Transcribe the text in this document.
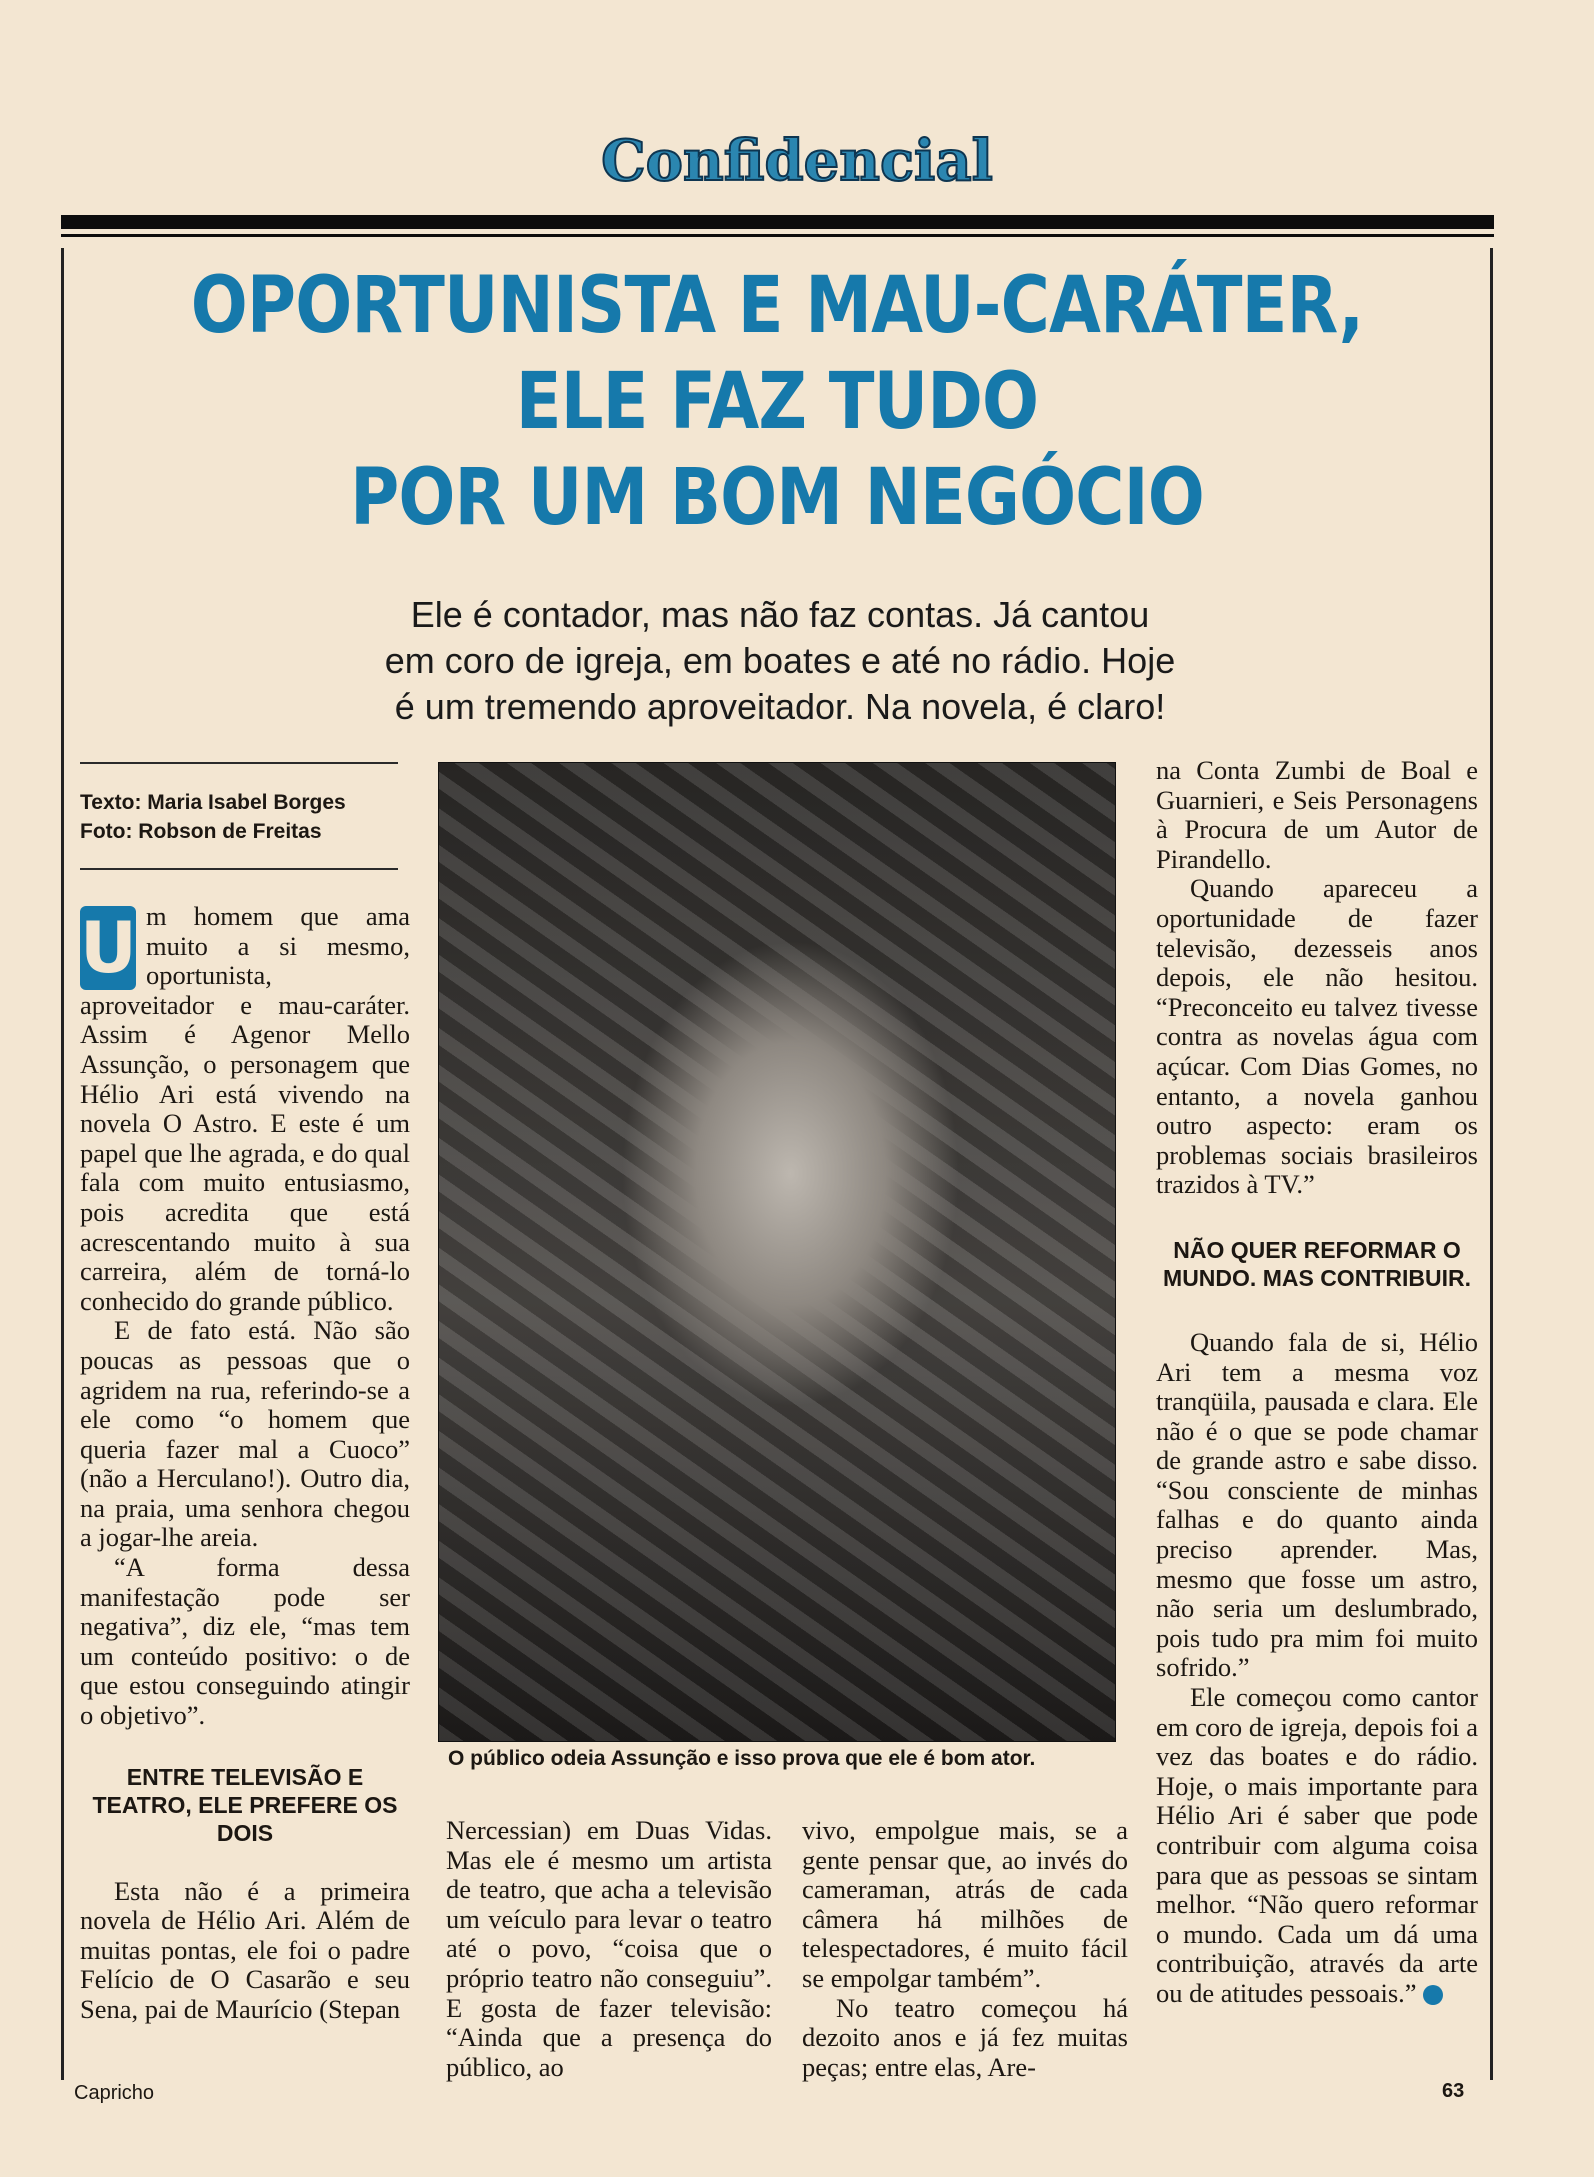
Confidencial
OPORTUNISTA E MAU-CARÁTER,
ELE FAZ TUDO
POR UM BOM NEGÓCIO
Ele é contador, mas não faz contas. Já cantou
em coro de igreja, em boates e até no rádio. Hoje
é um tremendo aproveitador. Na novela, é claro!
Texto: Maria Isabel Borges
Foto: Robson de Freitas

U m homem que ama muito a si mesmo, oportunista, aproveitador e mau-caráter. Assim é Agenor Mello Assunção, o personagem que Hélio Ari está vivendo na novela O Astro. E este é um papel que lhe agrada, e do qual fala com muito entusiasmo, pois acredita que está acrescentando muito à sua carreira, além de torná-lo conhecido do grande público.

E de fato está. Não são poucas as pessoas que o agridem na rua, referindo-se a ele como “o homem que queria fazer mal a Cuoco” (não a Herculano!). Outro dia, na praia, uma senhora chegou a jogar-lhe areia.

“A forma dessa manifestação pode ser negativa”, diz ele, “mas tem um conteúdo positivo: o de que estou conseguindo atingir o objetivo”.

ENTRE TELEVISÃO E TEATRO, ELE PREFERE OS DOIS

Esta não é a primeira novela de Hélio Ari. Além de muitas pontas, ele foi o padre Felício de O Casarão e seu Sena, pai de Maurício (Stepan

O público odeia Assunção e isso prova que ele é bom ator.

Nercessian) em Duas Vidas. Mas ele é mesmo um artista de teatro, que acha a televisão um veículo para levar o teatro até o povo, “coisa que o próprio teatro não conseguiu”. E gosta de fazer televisão: “Ainda que a presença do público, ao

vivo, empolgue mais, se a gente pensar que, ao invés do cameraman, atrás de cada câmera há milhões de telespectadores, é muito fácil se empolgar também”.

No teatro começou há dezoito anos e já fez muitas peças; entre elas, Are-

na Conta Zumbi de Boal e Guarnieri, e Seis Personagens à Procura de um Autor de Pirandello.

Quando apareceu a oportunidade de fazer televisão, dezesseis anos depois, ele não hesitou. “Preconceito eu talvez tivesse contra as novelas água com açúcar. Com Dias Gomes, no entanto, a novela ganhou outro aspecto: eram os problemas sociais brasileiros trazidos à TV.”

NÃO QUER REFORMAR O MUNDO. MAS CONTRIBUIR.

Quando fala de si, Hélio Ari tem a mesma voz tranqüila, pausada e clara. Ele não é o que se pode chamar de grande astro e sabe disso. “Sou consciente de minhas falhas e do quanto ainda preciso aprender. Mas, mesmo que fosse um astro, não seria um deslumbrado, pois tudo pra mim foi muito sofrido.”

Ele começou como cantor em coro de igreja, depois foi a vez das boates e do rádio. Hoje, o mais importante para Hélio Ari é saber que pode contribuir com alguma coisa para que as pessoas se sintam melhor. “Não quero reformar o mundo. Cada um dá uma contribuição, através da arte ou de atitudes pessoais.”

Capricho	63
